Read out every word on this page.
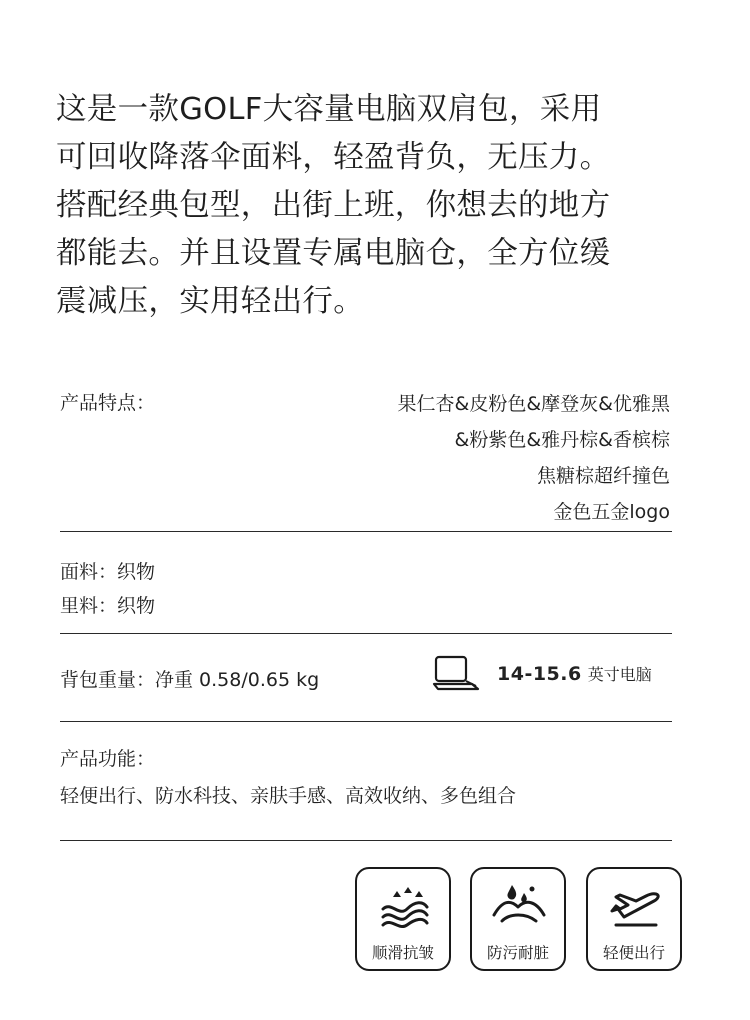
这是一款GOLF大容量电脑双肩包，采用
可回收降落伞面料，轻盈背负，无压力。
搭配经典包型，出街上班，你想去的地方
都能去。并且设置专属电脑仓，全方位缓
震减压，实用轻出行。
产品特点：	果仁杏&皮粉色&摩登灰&优雅黑
&粉紫色&雅丹棕&香槟棕
焦糖棕超纤撞色
金色五金logo
面料：织物
里料：织物
背包重量：净重 0.58/0.65 kg	14-15.6 英寸电脑
产品功能：
轻便出行、防水科技、亲肤手感、高效收纳、多色组合
顺滑抗皱	防污耐脏	轻便出行
